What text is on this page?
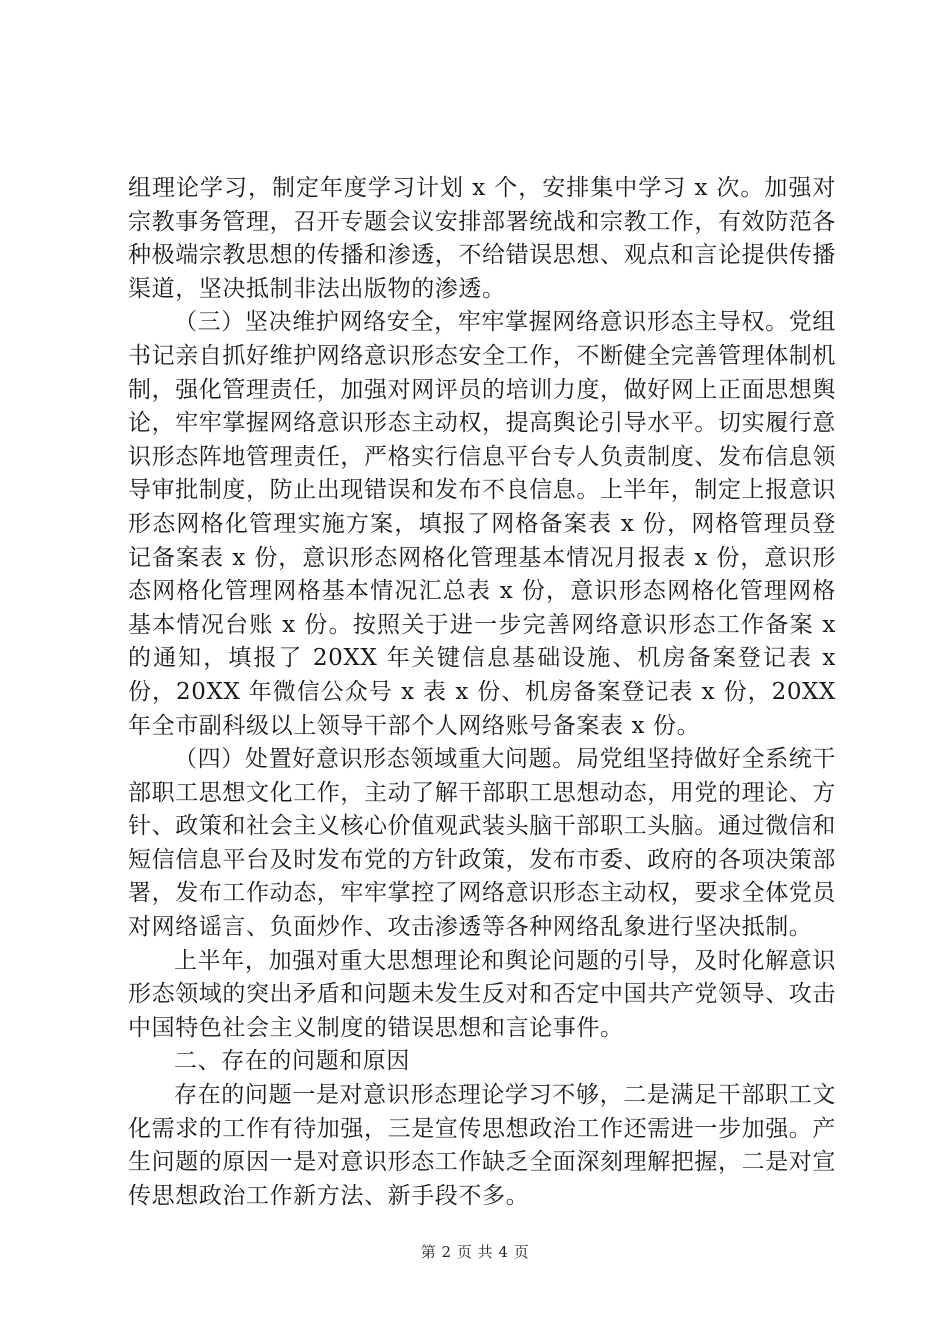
组理论学习，制定年度学习计划 x 个，安排集中学习 x 次。加强对宗教事务管理，召开专题会议安排部署统战和宗教工作，有效防范各种极端宗教思想的传播和渗透，不给错误思想、观点和言论提供传播渠道，坚决抵制非法出版物的渗透。

（三）坚决维护网络安全，牢牢掌握网络意识形态主导权。党组书记亲自抓好维护网络意识形态安全工作，不断健全完善管理体制机制，强化管理责任，加强对网评员的培训力度，做好网上正面思想舆论，牢牢掌握网络意识形态主动权，提高舆论引导水平。切实履行意识形态阵地管理责任，严格实行信息平台专人负责制度、发布信息领导审批制度，防止出现错误和发布不良信息。上半年，制定上报意识形态网格化管理实施方案，填报了网格备案表 x 份，网格管理员登记备案表 x 份，意识形态网格化管理基本情况月报表 x 份，意识形态网格化管理网格基本情况汇总表 x 份，意识形态网格化管理网格基本情况台账 x 份。按照关于进一步完善网络意识形态工作备案 x 的通知，填报了 20XX 年关键信息基础设施、机房备案登记表 x 份，20XX 年微信公众号 x 表 x 份、机房备案登记表 x 份，20XX 年全市副科级以上领导干部个人网络账号备案表 x 份。

（四）处置好意识形态领域重大问题。局党组坚持做好全系统干部职工思想文化工作，主动了解干部职工思想动态，用党的理论、方针、政策和社会主义核心价值观武装头脑干部职工头脑。通过微信和短信信息平台及时发布党的方针政策，发布市委、政府的各项决策部署，发布工作动态，牢牢掌控了网络意识形态主动权，要求全体党员对网络谣言、负面炒作、攻击渗透等各种网络乱象进行坚决抵制。

上半年，加强对重大思想理论和舆论问题的引导，及时化解意识形态领域的突出矛盾和问题未发生反对和否定中国共产党领导、攻击中国特色社会主义制度的错误思想和言论事件。

二、存在的问题和原因

存在的问题一是对意识形态理论学习不够，二是满足干部职工文化需求的工作有待加强，三是宣传思想政治工作还需进一步加强。产生问题的原因一是对意识形态工作缺乏全面深刻理解把握，二是对宣传思想政治工作新方法、新手段不多。

第 2 页 共 4 页
